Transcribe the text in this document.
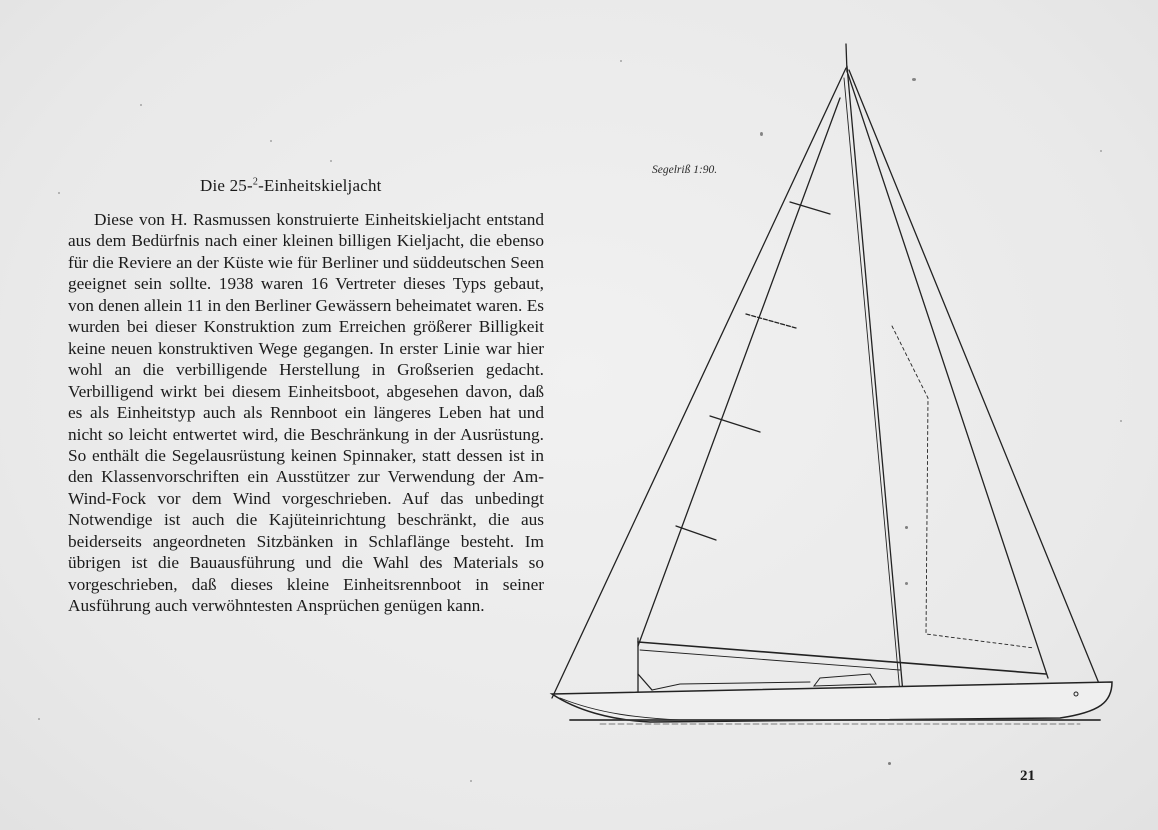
Die 25-$^2$-Einheitskieljacht

Diese von H. Rasmussen konstruierte Einheitskieljacht entstand aus dem Bedürfnis nach einer kleinen billigen Kieljacht, die ebenso für die Reviere an der Küste wie für Berliner und süddeutschen Seen geeignet sein sollte. 1938 waren 16 Vertreter dieses Typs gebaut, von denen allein 11 in den Berliner Gewässern beheimatet waren. Es wurden bei dieser Konstruktion zum Erreichen größerer Billigkeit keine neuen konstruktiven Wege gegangen. In erster Linie war hier wohl an die verbilligende Herstellung in Großserien gedacht. Verbilligend wirkt bei diesem Einheitsboot, abgesehen davon, daß es als Einheitstyp auch als Rennboot ein längeres Leben hat und nicht so leicht entwertet wird, die Beschränkung in der Ausrüstung. So enthält die Segelausrüstung keinen Spinnaker, statt dessen ist in den Klassenvorschriften ein Ausstützer zur Verwendung der Am-Wind-Fock vor dem Wind vorgeschrieben. Auf das unbedingt Notwendige ist auch die Kajüteinrichtung beschränkt, die aus beiderseits angeordneten Sitzbänken in Schlaflänge besteht. Im übrigen ist die Bauausführung und die Wahl des Materials so vorgeschrieben, daß dieses kleine Einheitsrennboot in seiner Ausführung auch verwöhntesten Ansprüchen genügen kann.

Segelriß 1:90.
21
